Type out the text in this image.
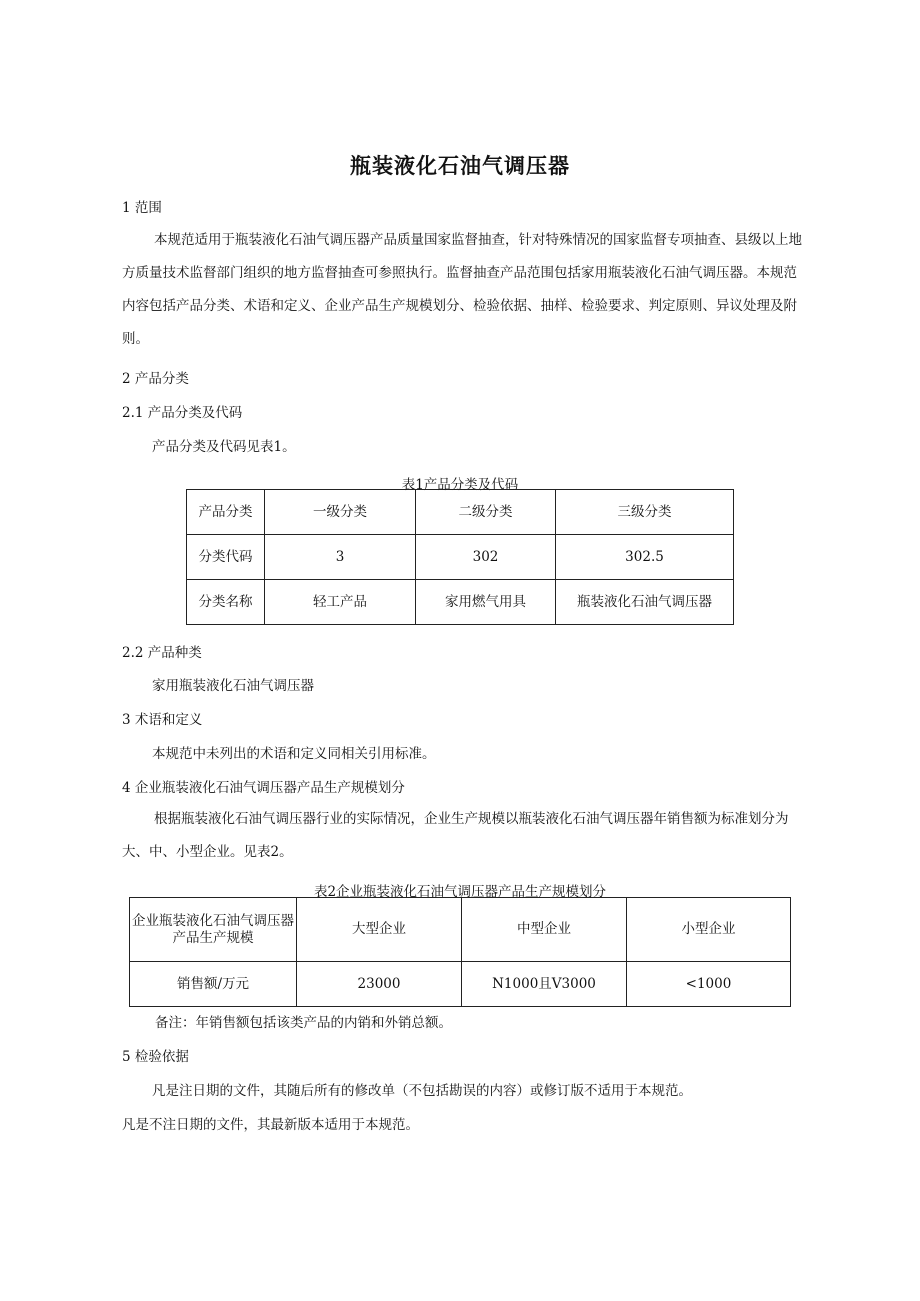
瓶装液化石油气调压器
1 范围
本规范适用于瓶装液化石油气调压器产品质量国家监督抽查，针对特殊情况的国家监督专项抽查、县级以上地方质量技术监督部门组织的地方监督抽查可参照执行。监督抽查产品范围包括家用瓶装液化石油气调压器。本规范内容包括产品分类、术语和定义、企业产品生产规模划分、检验依据、抽样、检验要求、判定原则、异议处理及附则。
2 产品分类
2.1 产品分类及代码
产品分类及代码见表1。
表1产品分类及代码
产品分类	一级分类	二级分类	三级分类
分类代码	3	302	302.5
分类名称	轻工产品	家用燃气用具	瓶装液化石油气调压器
2.2 产品种类
家用瓶装液化石油气调压器
3 术语和定义
本规范中未列出的术语和定义同相关引用标准。
4 企业瓶装液化石油气调压器产品生产规模划分
根据瓶装液化石油气调压器行业的实际情况，企业生产规模以瓶装液化石油气调压器年销售额为标准划分为大、中、小型企业。见表2。
表2企业瓶装液化石油气调压器产品生产规模划分
企业瓶装液化石油气调压器
产品生产规模	大型企业	中型企业	小型企业
销售额/万元	23000	N1000且V3000	<1000
备注：年销售额包括该类产品的内销和外销总额。
5 检验依据
凡是注日期的文件，其随后所有的修改单（不包括勘误的内容）或修订版不适用于本规范。
凡是不注日期的文件，其最新版本适用于本规范。
